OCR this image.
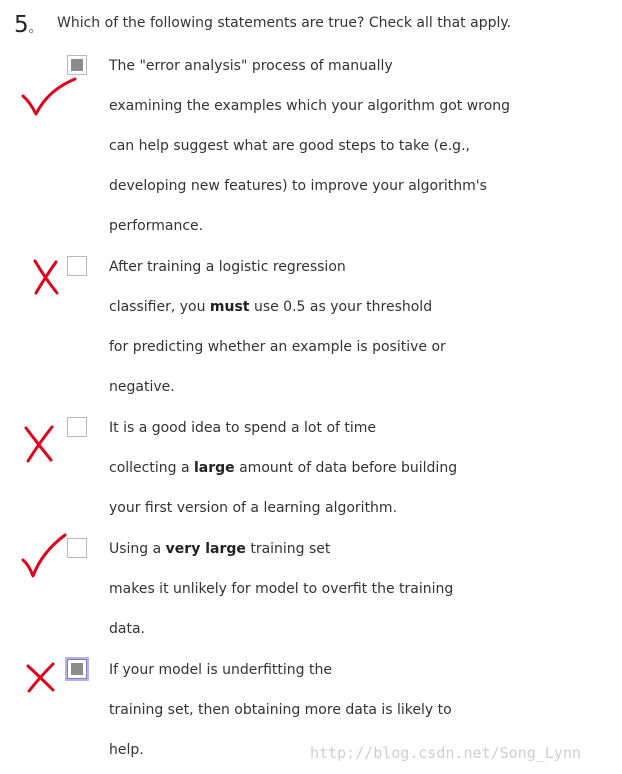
5。 Which of the following statements are true? Check all that apply.
The "error analysis" process of manually
examining the examples which your algorithm got wrong
can help suggest what are good steps to take (e.g.,
developing new features) to improve your algorithm's
performance.
After training a logistic regression
classifier, you must use 0.5 as your threshold
for predicting whether an example is positive or
negative.
It is a good idea to spend a lot of time
collecting a large amount of data before building
your first version of a learning algorithm.
Using a very large training set
makes it unlikely for model to overfit the training
data.
If your model is underfitting the
training set, then obtaining more data is likely to
help.	http://blog.csdn.net/Song_Lynn
